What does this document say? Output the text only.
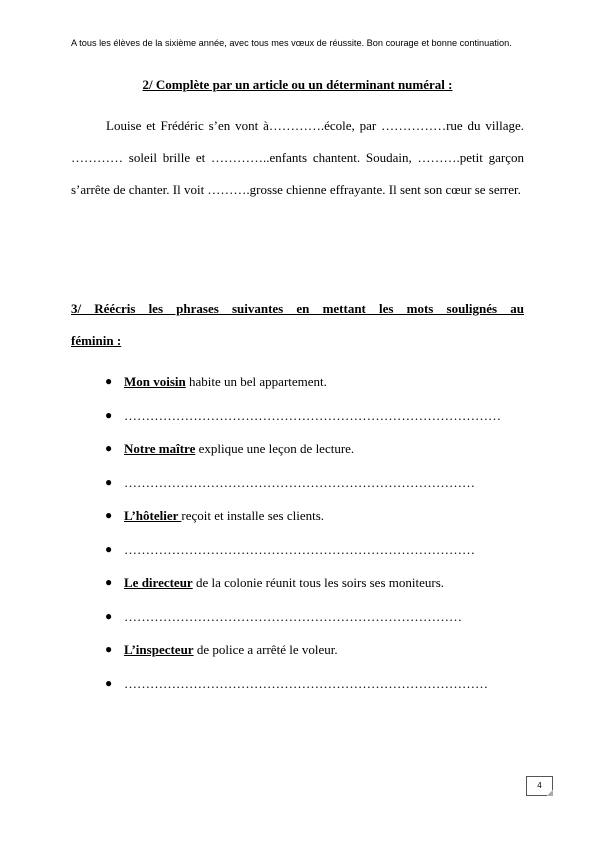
A tous les élèves de la sixième année, avec tous mes vœux de réussite. Bon courage et bonne continuation.
2/ Complète par un article ou un déterminant numéral :

Louise et Frédéric s’en vont à………….école, par ……………rue du village. ………… soleil brille et …………..enfants chantent. Soudain, ……….petit garçon s’arrête de chanter. Il voit ……….grosse chienne effrayante. Il sent son cœur se serrer.

3/ Réécris les phrases suivantes en mettant les mots soulignés au
féminin :
● Mon voisin habite un bel appartement.
● ……………………………………………………………………………
● Notre maître explique une leçon de lecture.
● ………………………………………………………………………
● L’hôtelier reçoit et installe ses clients.
● ………………………………………………………………………
● Le directeur de la colonie réunit tous les soirs ses moniteurs.
● ……………………………………………………………………
● L’inspecteur de police a arrêté le voleur.
● …………………………………………………………………………
4
